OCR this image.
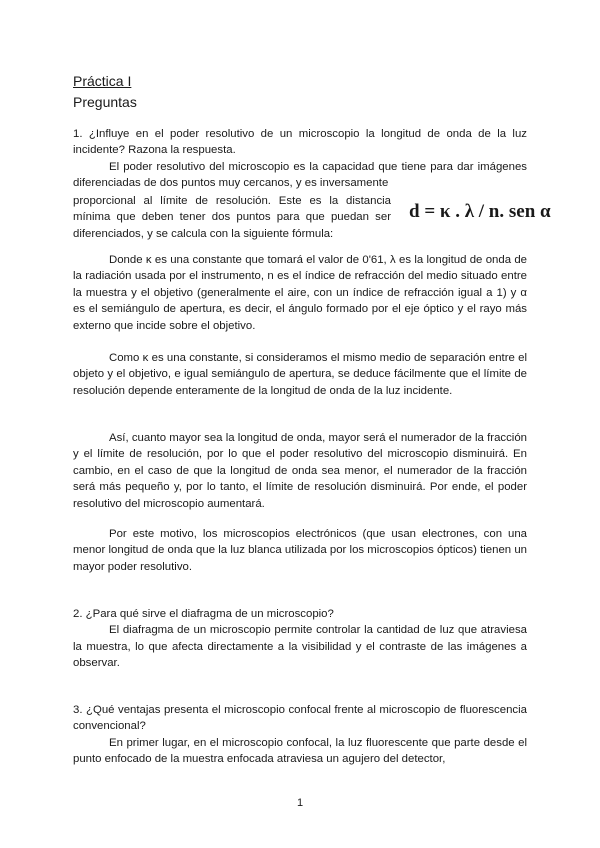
Práctica I
Preguntas

1. ¿Influye en el poder resolutivo de un microscopio la longitud de onda de la luz incidente? Razona la respuesta.

El poder resolutivo del microscopio es la capacidad que tiene para dar imágenes diferenciadas de dos puntos muy cercanos, y es inversamente

proporcional al límite de resolución. Este es la distancia mínima que deben tener dos puntos para que puedan ser diferenciados, y se calcula con la siguiente fórmula:

d = κ . λ / n. sen α

Donde κ es una constante que tomará el valor de 0'61, λ es la longitud de onda de la radiación usada por el instrumento, n es el índice de refracción del medio situado entre la muestra y el objetivo (generalmente el aire, con un índice de refracción igual a 1) y α es el semiángulo de apertura, es decir, el ángulo formado por el eje óptico y el rayo más externo que incide sobre el objetivo.

Como κ es una constante, si consideramos el mismo medio de separación entre el objeto y el objetivo, e igual semiángulo de apertura, se deduce fácilmente que el límite de resolución depende enteramente de la longitud de onda de la luz incidente.

Así, cuanto mayor sea la longitud de onda, mayor será el numerador de la fracción y el límite de resolución, por lo que el poder resolutivo del microscopio disminuirá. En cambio, en el caso de que la longitud de onda sea menor, el numerador de la fracción será más pequeño y, por lo tanto, el límite de resolución disminuirá. Por ende, el poder resolutivo del microscopio aumentará.

Por este motivo, los microscopios electrónicos (que usan electrones, con una menor longitud de onda que la luz blanca utilizada por los microscopios ópticos) tienen un mayor poder resolutivo.

2. ¿Para qué sirve el diafragma de un microscopio?

El diafragma de un microscopio permite controlar la cantidad de luz que atraviesa la muestra, lo que afecta directamente a la visibilidad y el contraste de las imágenes a observar.

3. ¿Qué ventajas presenta el microscopio confocal frente al microscopio de fluorescencia convencional?

En primer lugar, en el microscopio confocal, la luz fluorescente que parte desde el punto enfocado de la muestra enfocada atraviesa un agujero del detector,

1
